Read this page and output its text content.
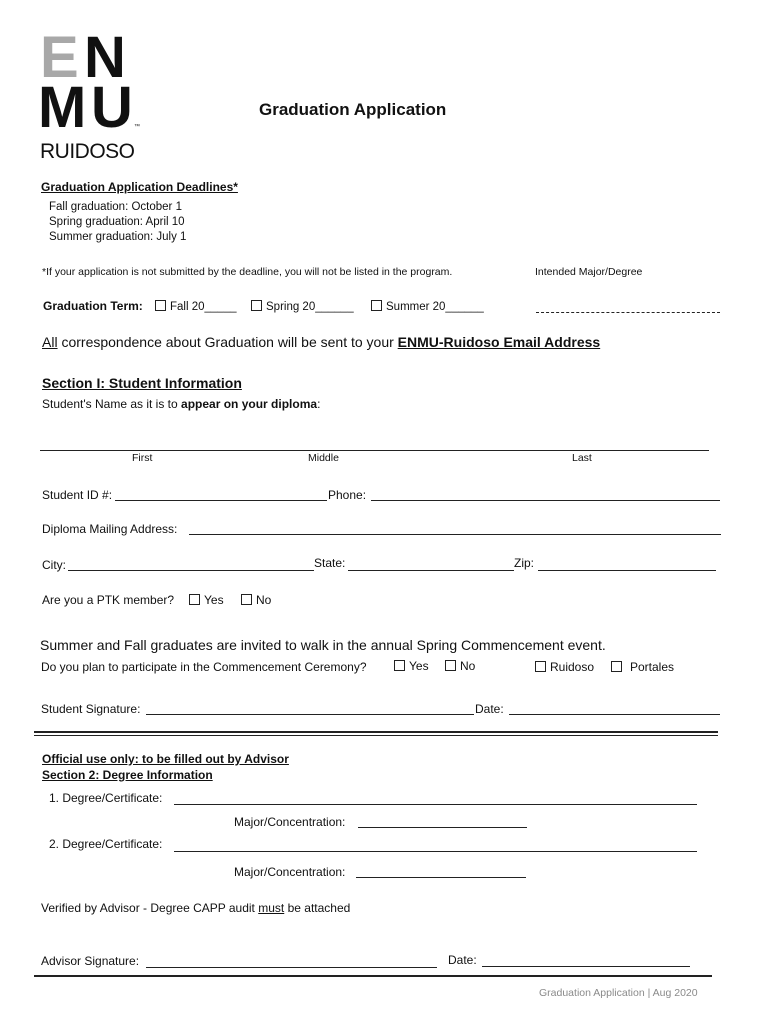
E N
M U ™
RUIDOSO
Graduation Application
Graduation Application Deadlines*
Fall graduation: October 1
Spring graduation: April 10
Summer graduation: July 1
*If your application is not submitted by the deadline, you will not be listed in the program.	Intended Major/Degree
Graduation Term:	Fall 20_____	Spring 20______	Summer 20______
All correspondence about Graduation will be sent to your ENMU-Ruidoso Email Address
Section I: Student Information
Student's Name as it is to appear on your diploma:
First	Middle	Last
Student ID #:	Phone:
Diploma Mailing Address:
City:	State:	Zip:
Are you a PTK member?	Yes	No
Summer and Fall graduates are invited to walk in the annual Spring Commencement event.
Do you plan to participate in the Commencement Ceremony?	Yes	No	Ruidoso	Portales
Student Signature:	Date:
Official use only: to be filled out by Advisor
Section 2: Degree Information
1. Degree/Certificate:
Major/Concentration:
2. Degree/Certificate:
Major/Concentration:
Verified by Advisor - Degree CAPP audit must be attached
Advisor Signature:	Date:
Graduation Application | Aug 2020
